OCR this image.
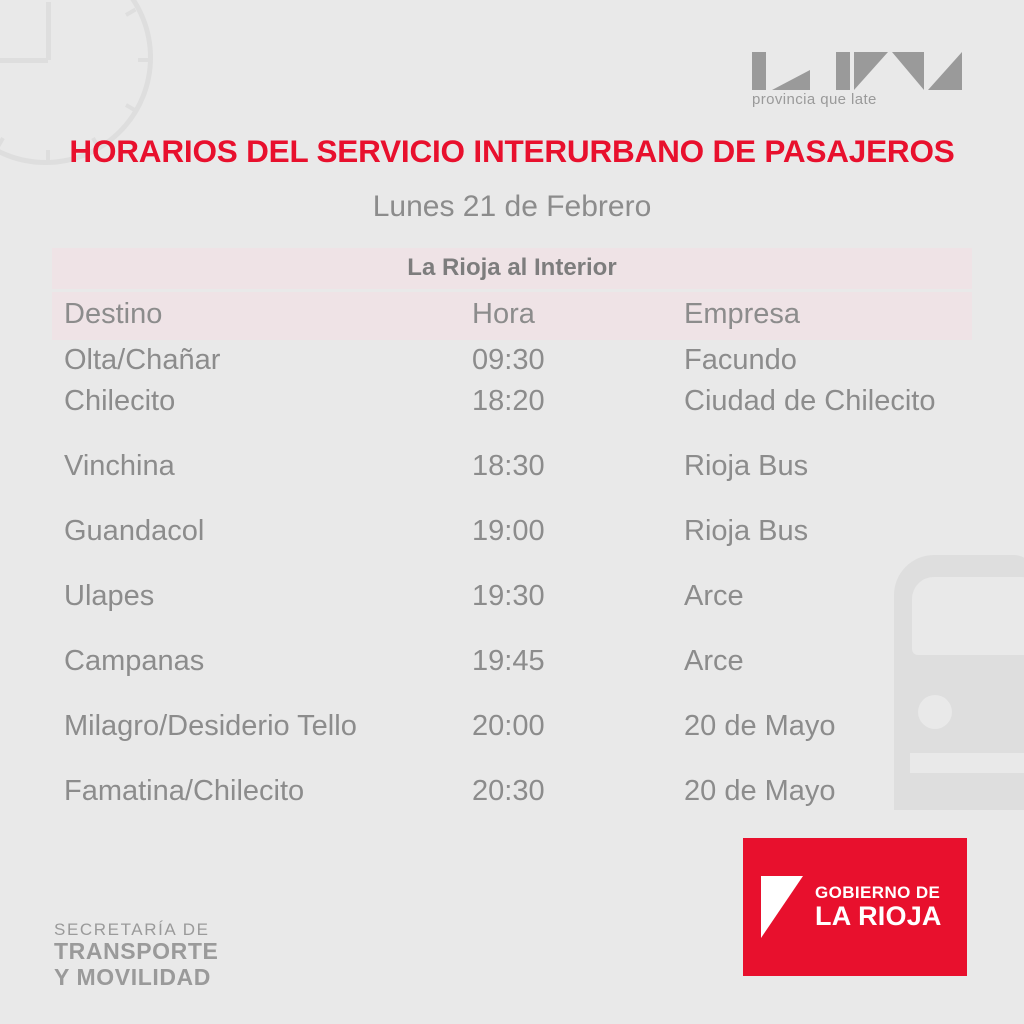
provincia que late
HORARIOS DEL SERVICIO INTERURBANO DE PASAJEROS
Lunes 21 de Febrero
La Rioja al Interior
Destino	Hora	Empresa
Olta/Chañar	09:30	Facundo
Chilecito	18:20	Ciudad de Chilecito
Vinchina	18:30	Rioja Bus
Guandacol	19:00	Rioja Bus
Ulapes	19:30	Arce
Campanas	19:45	Arce
Milagro/Desiderio Tello	20:00	20 de Mayo
Famatina/Chilecito	20:30	20 de Mayo
SECRETARÍA DE
TRANSPORTE
Y MOVILIDAD
GOBIERNO DE
LA RIOJA
